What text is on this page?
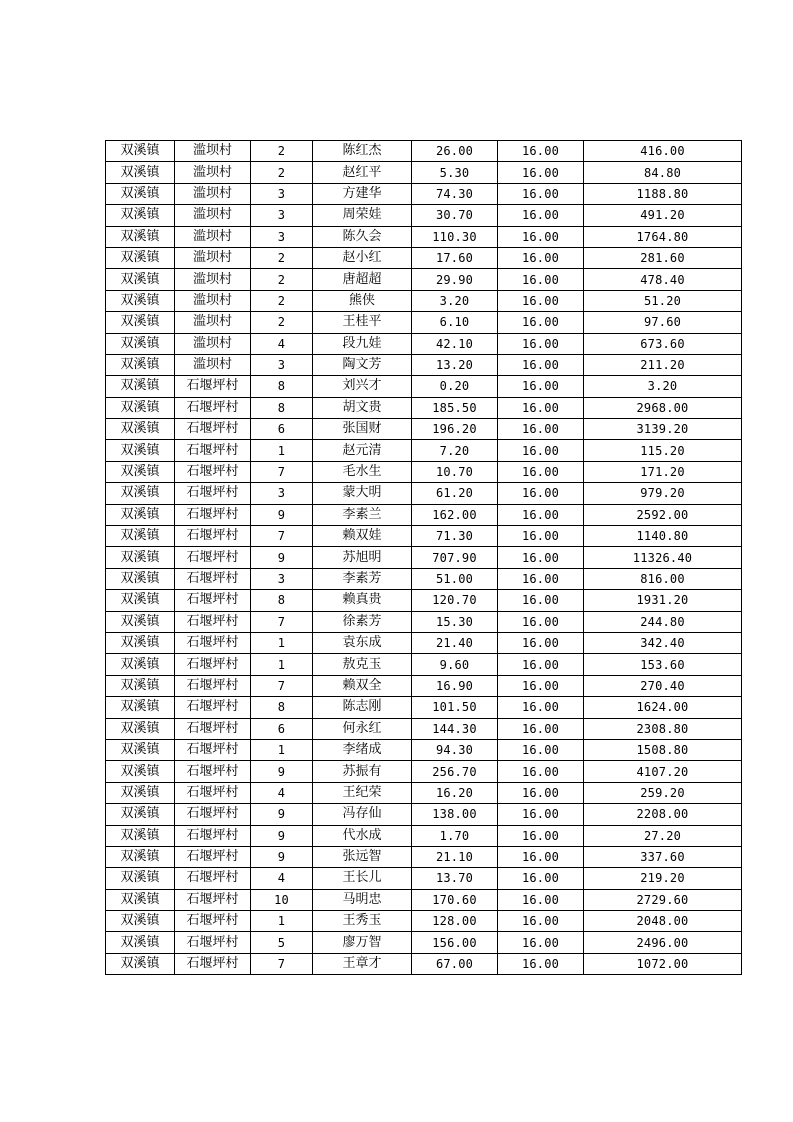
双溪镇	滥坝村	2	陈红杰	26.00	16.00	416.00
双溪镇	滥坝村	2	赵红平	5.30	16.00	84.80
双溪镇	滥坝村	3	方建华	74.30	16.00	1188.80
双溪镇	滥坝村	3	周荣娃	30.70	16.00	491.20
双溪镇	滥坝村	3	陈久会	110.30	16.00	1764.80
双溪镇	滥坝村	2	赵小红	17.60	16.00	281.60
双溪镇	滥坝村	2	唐超超	29.90	16.00	478.40
双溪镇	滥坝村	2	熊侠	3.20	16.00	51.20
双溪镇	滥坝村	2	王桂平	6.10	16.00	97.60
双溪镇	滥坝村	4	段九娃	42.10	16.00	673.60
双溪镇	滥坝村	3	陶文芳	13.20	16.00	211.20
双溪镇	石堰坪村	8	刘兴才	0.20	16.00	3.20
双溪镇	石堰坪村	8	胡文贵	185.50	16.00	2968.00
双溪镇	石堰坪村	6	张国财	196.20	16.00	3139.20
双溪镇	石堰坪村	1	赵元清	7.20	16.00	115.20
双溪镇	石堰坪村	7	毛水生	10.70	16.00	171.20
双溪镇	石堰坪村	3	蒙大明	61.20	16.00	979.20
双溪镇	石堰坪村	9	李素兰	162.00	16.00	2592.00
双溪镇	石堰坪村	7	赖双娃	71.30	16.00	1140.80
双溪镇	石堰坪村	9	苏旭明	707.90	16.00	11326.40
双溪镇	石堰坪村	3	李素芳	51.00	16.00	816.00
双溪镇	石堰坪村	8	赖真贵	120.70	16.00	1931.20
双溪镇	石堰坪村	7	徐素芳	15.30	16.00	244.80
双溪镇	石堰坪村	1	袁东成	21.40	16.00	342.40
双溪镇	石堰坪村	1	敖克玉	9.60	16.00	153.60
双溪镇	石堰坪村	7	赖双全	16.90	16.00	270.40
双溪镇	石堰坪村	8	陈志刚	101.50	16.00	1624.00
双溪镇	石堰坪村	6	何永红	144.30	16.00	2308.80
双溪镇	石堰坪村	1	李绪成	94.30	16.00	1508.80
双溪镇	石堰坪村	9	苏振有	256.70	16.00	4107.20
双溪镇	石堰坪村	4	王纪荣	16.20	16.00	259.20
双溪镇	石堰坪村	9	冯存仙	138.00	16.00	2208.00
双溪镇	石堰坪村	9	代水成	1.70	16.00	27.20
双溪镇	石堰坪村	9	张远智	21.10	16.00	337.60
双溪镇	石堰坪村	4	王长儿	13.70	16.00	219.20
双溪镇	石堰坪村	10	马明忠	170.60	16.00	2729.60
双溪镇	石堰坪村	1	王秀玉	128.00	16.00	2048.00
双溪镇	石堰坪村	5	廖万智	156.00	16.00	2496.00
双溪镇	石堰坪村	7	王章才	67.00	16.00	1072.00
